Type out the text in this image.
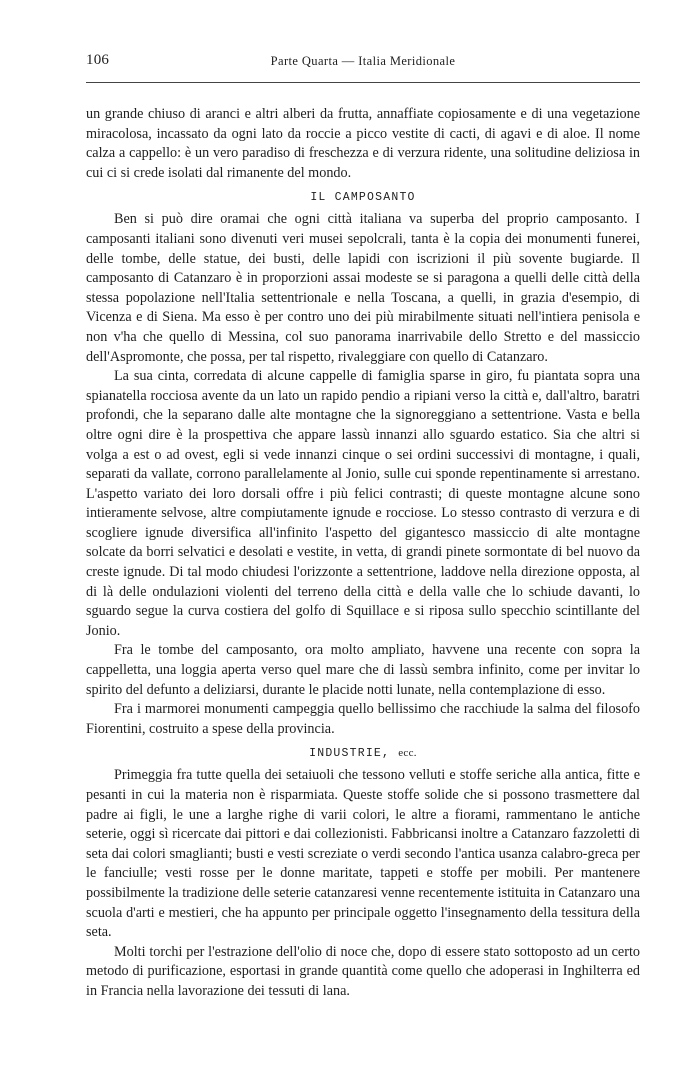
106	Parte Quarta — Italia Meridionale

un grande chiuso di aranci e altri alberi da frutta, annaffiate copiosamente e di una vegetazione miracolosa, incassato da ogni lato da roccie a picco vestite di cacti, di agavi e di aloe. Il nome calza a cappello: è un vero paradiso di freschezza e di verzura ridente, una solitudine deliziosa in cui ci si crede isolati dal rimanente del mondo.

IL CAMPOSANTO

Ben si può dire oramai che ogni città italiana va superba del proprio camposanto. I camposanti italiani sono divenuti veri musei sepolcrali, tanta è la copia dei monumenti funerei, delle tombe, delle statue, dei busti, delle lapidi con iscrizioni il più sovente bugiarde. Il camposanto di Catanzaro è in proporzioni assai modeste se si paragona a quelli delle città della stessa popolazione nell'Italia settentrionale e nella Toscana, a quelli, in grazia d'esempio, di Vicenza e di Siena. Ma esso è per contro uno dei più mirabilmente situati nell'intiera penisola e non v'ha che quello di Messina, col suo panorama inarrivabile dello Stretto e del massiccio dell'Aspromonte, che possa, per tal rispetto, rivaleggiare con quello di Catanzaro.

La sua cinta, corredata di alcune cappelle di famiglia sparse in giro, fu piantata sopra una spianatella rocciosa avente da un lato un rapido pendio a ripiani verso la città e, dall'altro, baratri profondi, che la separano dalle alte montagne che la signoreggiano a settentrione. Vasta e bella oltre ogni dire è la prospettiva che appare lassù innanzi allo sguardo estatico. Sia che altri si volga a est o ad ovest, egli si vede innanzi cinque o sei ordini successivi di montagne, i quali, separati da vallate, corrono parallelamente al Jonio, sulle cui sponde repentinamente si arrestano. L'aspetto variato dei loro dorsali offre i più felici contrasti; di queste montagne alcune sono intieramente selvose, altre compiutamente ignude e rocciose. Lo stesso contrasto di verzura e di scogliere ignude diversifica all'infinito l'aspetto del gigantesco massiccio di alte montagne solcate da borri selvatici e desolati e vestite, in vetta, di grandi pinete sormontate di bel nuovo da creste ignude. Di tal modo chiudesi l'orizzonte a settentrione, laddove nella direzione opposta, al di là delle ondulazioni violenti del terreno della città e della valle che lo schiude davanti, lo sguardo segue la curva costiera del golfo di Squillace e si riposa sullo specchio scintillante del Jonio.

Fra le tombe del camposanto, ora molto ampliato, havvene una recente con sopra la cappelletta, una loggia aperta verso quel mare che di lassù sembra infinito, come per invitar lo spirito del defunto a deliziarsi, durante le placide notti lunate, nella contemplazione di esso.

Fra i marmorei monumenti campeggia quello bellissimo che racchiude la salma del filosofo Fiorentini, costruito a spese della provincia.

INDUSTRIE, ecc.

Primeggia fra tutte quella dei setaiuoli che tessono velluti e stoffe seriche alla antica, fitte e pesanti in cui la materia non è risparmiata. Queste stoffe solide che si possono trasmettere dal padre ai figli, le une a larghe righe di varii colori, le altre a fiorami, rammentano le antiche seterie, oggi sì ricercate dai pittori e dai collezionisti. Fabbricansi inoltre a Catanzaro fazzoletti di seta dai colori smaglianti; busti e vesti screziate o verdi secondo l'antica usanza calabro-greca per le fanciulle; vesti rosse per le donne maritate, tappeti e stoffe per mobili. Per mantenere possibilmente la tradizione delle seterie catanzaresi venne recentemente istituita in Catanzaro una scuola d'arti e mestieri, che ha appunto per principale oggetto l'insegnamento della tessitura della seta.

Molti torchi per l'estrazione dell'olio di noce che, dopo di essere stato sottoposto ad un certo metodo di purificazione, esportasi in grande quantità come quello che adoperasi in Inghilterra ed in Francia nella lavorazione dei tessuti di lana.
